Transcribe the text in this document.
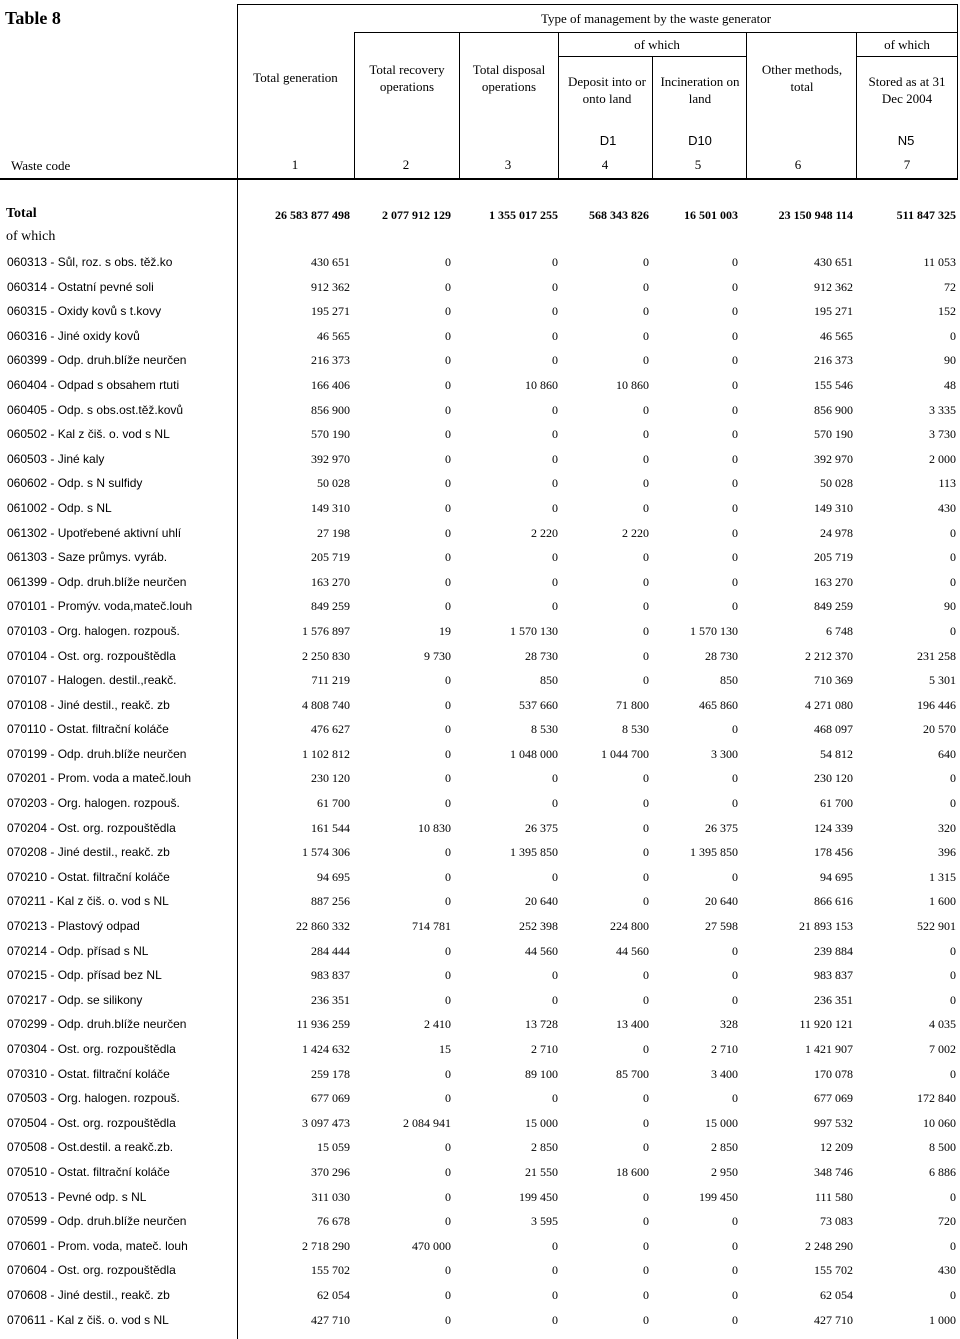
Table 8
Total generation
Total recovery operations
Total disposal operations
Type of management by the waste generator
of which	of which
Deposit into or onto land
Incineration on land
Other methods, total	Stored as at 31 Dec 2004
D1	D10	N5
Waste code	1	2	3	4	5	6	7
Total	26 583 877 498	2 077 912 129	1 355 017 255	568 343 826	16 501 003	23 150 948 114	511 847 325
of which
060313 - Sůl, roz. s obs. těž.ko	430 651	0	0	0	0	430 651	11 053
060314 - Ostatní pevné soli	912 362	0	0	0	0	912 362	72
060315 - Oxidy kovů s t.kovy	195 271	0	0	0	0	195 271	152
060316 - Jiné oxidy kovů	46 565	0	0	0	0	46 565	0
060399 - Odp. druh.blíže neurčen	216 373	0	0	0	0	216 373	90
060404 - Odpad s obsahem rtuti	166 406	0	10 860	10 860	0	155 546	48
060405 - Odp. s obs.ost.těž.kovů	856 900	0	0	0	0	856 900	3 335
060502 - Kal z čiš. o. vod s NL	570 190	0	0	0	0	570 190	3 730
060503 - Jiné kaly	392 970	0	0	0	0	392 970	2 000
060602 - Odp. s N sulfidy	50 028	0	0	0	0	50 028	113
061002 - Odp. s NL	149 310	0	0	0	0	149 310	430
061302 - Upotřebené aktivní uhlí	27 198	0	2 220	2 220	0	24 978	0
061303 - Saze průmys. vyráb.	205 719	0	0	0	0	205 719	0
061399 - Odp. druh.blíže neurčen	163 270	0	0	0	0	163 270	0
070101 - Promýv. voda,mateč.louh	849 259	0	0	0	0	849 259	90
070103 - Org. halogen. rozpouš.	1 576 897	19	1 570 130	0	1 570 130	6 748	0
070104 - Ost. org. rozpouštědla	2 250 830	9 730	28 730	0	28 730	2 212 370	231 258
070107 - Halogen. destil.,reakč.	711 219	0	850	0	850	710 369	5 301
070108 - Jiné destil., reakč. zb	4 808 740	0	537 660	71 800	465 860	4 271 080	196 446
070110 - Ostat. filtrační koláče	476 627	0	8 530	8 530	0	468 097	20 570
070199 - Odp. druh.blíže neurčen	1 102 812	0	1 048 000	1 044 700	3 300	54 812	640
070201 - Prom. voda a mateč.louh	230 120	0	0	0	0	230 120	0
070203 - Org. halogen. rozpouš.	61 700	0	0	0	0	61 700	0
070204 - Ost. org. rozpouštědla	161 544	10 830	26 375	0	26 375	124 339	320
070208 - Jiné destil., reakč. zb	1 574 306	0	1 395 850	0	1 395 850	178 456	396
070210 - Ostat. filtrační koláče	94 695	0	0	0	0	94 695	1 315
070211 - Kal z čiš. o. vod s NL	887 256	0	20 640	0	20 640	866 616	1 600
070213 - Plastový odpad	22 860 332	714 781	252 398	224 800	27 598	21 893 153	522 901
070214 - Odp. přísad s NL	284 444	0	44 560	44 560	0	239 884	0
070215 - Odp. přísad bez NL	983 837	0	0	0	0	983 837	0
070217 - Odp. se silikony	236 351	0	0	0	0	236 351	0
070299 - Odp. druh.blíže neurčen	11 936 259	2 410	13 728	13 400	328	11 920 121	4 035
070304 - Ost. org. rozpouštědla	1 424 632	15	2 710	0	2 710	1 421 907	7 002
070310 - Ostat. filtrační koláče	259 178	0	89 100	85 700	3 400	170 078	0
070503 - Org. halogen. rozpouš.	677 069	0	0	0	0	677 069	172 840
070504 - Ost. org. rozpouštědla	3 097 473	2 084 941	15 000	0	15 000	997 532	10 060
070508 - Ost.destil. a reakč.zb.	15 059	0	2 850	0	2 850	12 209	8 500
070510 - Ostat. filtrační koláče	370 296	0	21 550	18 600	2 950	348 746	6 886
070513 - Pevné odp. s NL	311 030	0	199 450	0	199 450	111 580	0
070599 - Odp. druh.blíže neurčen	76 678	0	3 595	0	0	73 083	720
070601 - Prom. voda, mateč. louh	2 718 290	470 000	0	0	0	2 248 290	0
070604 - Ost. org. rozpouštědla	155 702	0	0	0	0	155 702	430
070608 - Jiné destil., reakč. zb	62 054	0	0	0	0	62 054	0
070611 - Kal z čiš. o. vod s NL	427 710	0	0	0	0	427 710	1 000
